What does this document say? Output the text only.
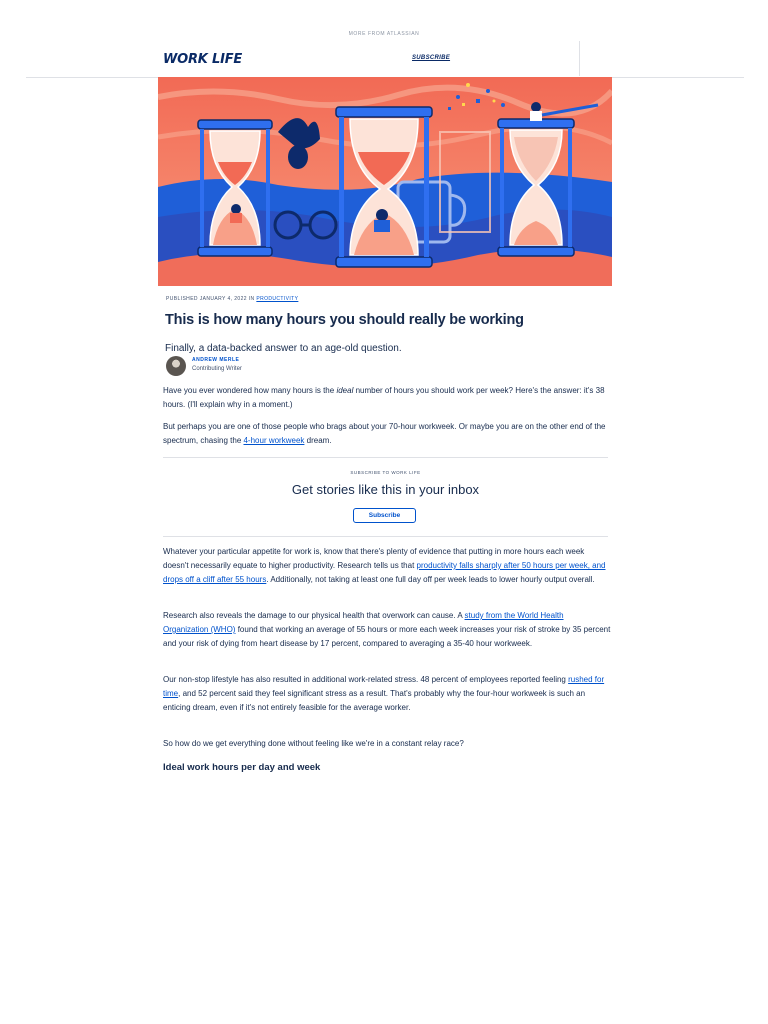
MORE FROM ATLASSIAN
WORK LIFE	SUBSCRIBE
PUBLISHED JANUARY 4, 2022 IN PRODUCTIVITY
This is how many hours you should really be working

Finally, a data-backed answer to an age-old question.

ANDREW MERLE
Contributing Writer

Have you ever wondered how many hours is the ideal number of hours you should work per week? Here's the answer: it's 38 hours. (I'll explain why in a moment.)

But perhaps you are one of those people who brags about your 70-hour workweek. Or maybe you are on the other end of the spectrum, chasing the 4-hour workweek dream.

SUBSCRIBE TO WORK LIFE
Get stories like this in your inbox
Subscribe

Whatever your particular appetite for work is, know that there's plenty of evidence that putting in more hours each week doesn't necessarily equate to higher productivity. Research tells us that productivity falls sharply after 50 hours per week, and drops off a cliff after 55 hours. Additionally, not taking at least one full day off per week leads to lower hourly output overall.

Research also reveals the damage to our physical health that overwork can cause. A study from the World Health Organization (WHO) found that working an average of 55 hours or more each week increases your risk of stroke by 35 percent and your risk of dying from heart disease by 17 percent, compared to averaging a 35-40 hour workweek.

Our non-stop lifestyle has also resulted in additional work-related stress. 48 percent of employees reported feeling rushed for time, and 52 percent said they feel significant stress as a result. That's probably why the four-hour workweek is such an enticing dream, even if it's not entirely feasible for the average worker.

So how do we get everything done without feeling like we're in a constant relay race?

Ideal work hours per day and week
